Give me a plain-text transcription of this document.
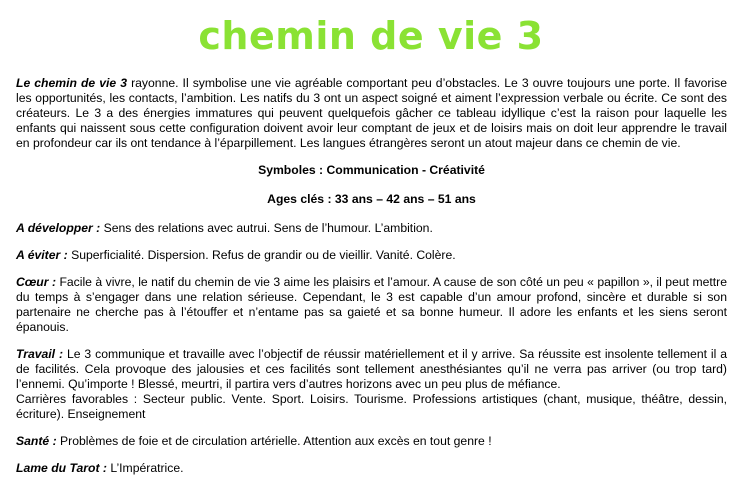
chemin de vie 3

Le chemin de vie 3 rayonne. Il symbolise une vie agréable comportant peu d’obstacles. Le 3 ouvre toujours une porte. Il favorise les opportunités, les contacts, l’ambition. Les natifs du 3 ont un aspect soigné et aiment l’expression verbale ou écrite. Ce sont des créateurs. Le 3 a des énergies immatures qui peuvent quelquefois gâcher ce tableau idyllique c’est la raison pour laquelle les enfants qui naissent sous cette configuration doivent avoir leur comptant de jeux et de loisirs mais on doit leur apprendre le travail en profondeur car ils ont tendance à l’éparpillement. Les langues étrangères seront un atout majeur dans ce chemin de vie.

Symboles : Communication - Créativité

Ages clés : 33 ans – 42 ans – 51 ans

A développer : Sens des relations avec autrui. Sens de l’humour. L’ambition.

A éviter : Superficialité. Dispersion. Refus de grandir ou de vieillir. Vanité. Colère.

Cœur : Facile à vivre, le natif du chemin de vie 3 aime les plaisirs et l’amour. A cause de son côté un peu « papillon », il peut mettre du temps à s’engager dans une relation sérieuse. Cependant, le 3 est capable d’un amour profond, sincère et durable si son partenaire ne cherche pas à l’étouffer et n’entame pas sa gaieté et sa bonne humeur. Il adore les enfants et les siens seront épanouis.

Travail : Le 3 communique et travaille avec l’objectif de réussir matériellement et il y arrive. Sa réussite est insolente tellement il a de facilités. Cela provoque des jalousies et ces facilités sont tellement anesthésiantes qu’il ne verra pas arriver (ou trop tard) l’ennemi. Qu’importe ! Blessé, meurtri, il partira vers d’autres horizons avec un peu plus de méfiance.

Carrières favorables : Secteur public. Vente. Sport. Loisirs. Tourisme. Professions artistiques (chant, musique, théâtre, dessin, écriture). Enseignement

Santé : Problèmes de foie et de circulation artérielle. Attention aux excès en tout genre !

Lame du Tarot : L’Impératrice.
